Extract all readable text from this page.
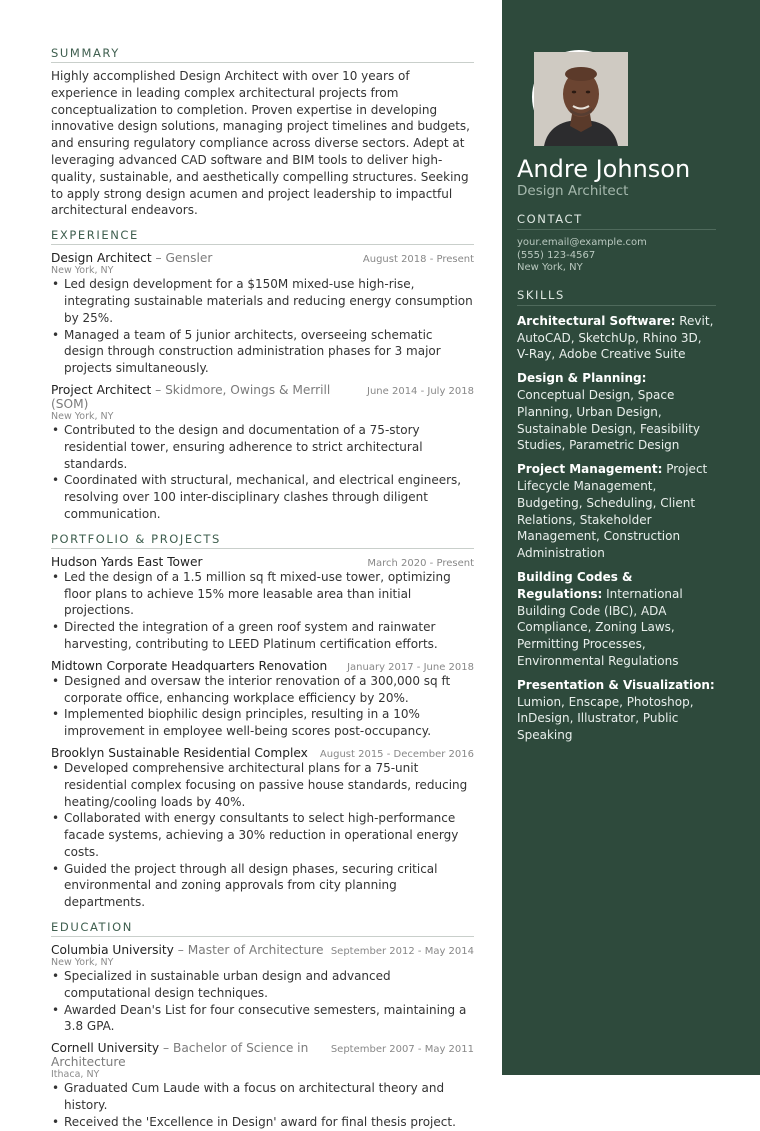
SUMMARY

Highly accomplished Design Architect with over 10 years of experience in leading complex architectural projects from conceptualization to completion. Proven expertise in developing innovative design solutions, managing project timelines and budgets, and ensuring regulatory compliance across diverse sectors. Adept at leveraging advanced CAD software and BIM tools to deliver high-quality, sustainable, and aesthetically compelling structures. Seeking to apply strong design acumen and project leadership to impactful architectural endeavors.

EXPERIENCE
Design Architect – Gensler	August 2018 - Present
New York, NY
• Led design development for a $150M mixed-use high-rise, integrating sustainable materials and reducing energy consumption by 25%.
• Managed a team of 5 junior architects, overseeing schematic design through construction administration phases for 3 major projects simultaneously.
Project Architect – Skidmore, Owings & Merrill (SOM)
June 2014 - July 2018
New York, NY
• Contributed to the design and documentation of a 75-story residential tower, ensuring adherence to strict architectural standards.
• Coordinated with structural, mechanical, and electrical engineers, resolving over 100 inter-disciplinary clashes through diligent communication.
PORTFOLIO & PROJECTS
Hudson Yards East Tower	March 2020 - Present
• Led the design of a 1.5 million sq ft mixed-use tower, optimizing floor plans to achieve 15% more leasable area than initial projections.
• Directed the integration of a green roof system and rainwater harvesting, contributing to LEED Platinum certification efforts.
Midtown Corporate Headquarters Renovation	January 2017 - June 2018
• Designed and oversaw the interior renovation of a 300,000 sq ft corporate office, enhancing workplace efficiency by 20%.
• Implemented biophilic design principles, resulting in a 10% improvement in employee well-being scores post-occupancy.
Brooklyn Sustainable Residential Complex	August 2015 - December 2016
• Developed comprehensive architectural plans for a 75-unit residential complex focusing on passive house standards, reducing heating/cooling loads by 40%.
• Collaborated with energy consultants to select high-performance facade systems, achieving a 30% reduction in operational energy costs.
• Guided the project through all design phases, securing critical environmental and zoning approvals from city planning departments.
EDUCATION
Columbia University – Master of Architecture September 2012 - May 2014
New York, NY
• Specialized in sustainable urban design and advanced computational design techniques.
• Awarded Dean's List for four consecutive semesters, maintaining a 3.8 GPA.
Cornell University – Bachelor of Science in Architecture
September 2007 - May 2011
Ithaca, NY
• Graduated Cum Laude with a focus on architectural theory and history.
• Received the 'Excellence in Design' award for final thesis project.
Andre Johnson
Design Architect
CONTACT
your.email@example.com
(555) 123-4567
New York, NY
SKILLS
Architectural Software: Revit, AutoCAD, SketchUp, Rhino 3D, V-Ray, Adobe Creative Suite
Design & Planning: Conceptual Design, Space Planning, Urban Design, Sustainable Design, Feasibility Studies, Parametric Design
Project Management: Project Lifecycle Management, Budgeting, Scheduling, Client Relations, Stakeholder Management, Construction Administration
Building Codes & Regulations: International Building Code (IBC), ADA Compliance, Zoning Laws, Permitting Processes, Environmental Regulations
Presentation & Visualization: Lumion, Enscape, Photoshop, InDesign, Illustrator, Public Speaking
